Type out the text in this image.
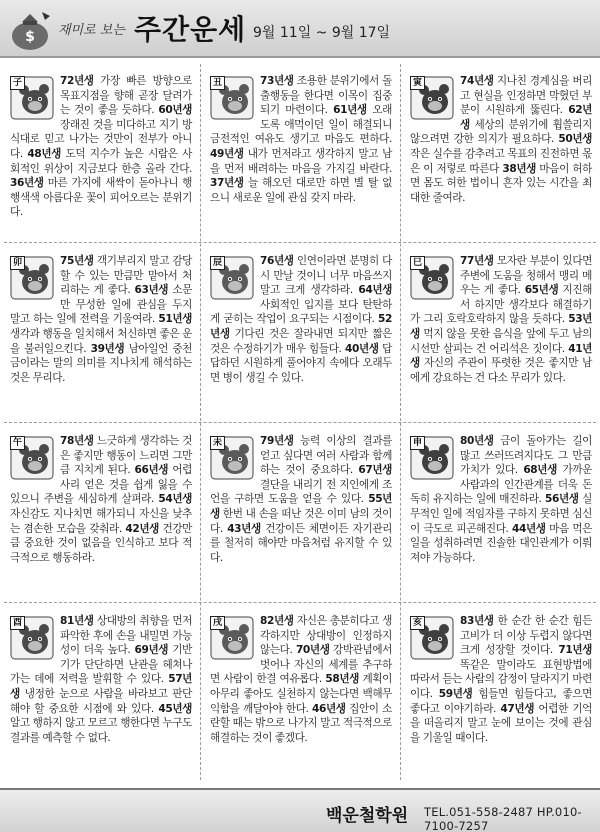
$ 재미로 보는 주간운세 9월 11일 ~ 9월 17일
子	72년생 가장 빠른 방향으로 목표지점을 향해 곧장 달려가는 것이 좋을 듯하다. 60년생 장래진 것을 미다하고 지기 방식대로 믿고 나가는 것만이 전부가 아니다. 48년생 도덕 지수가 높은 시람은 사회적인 위상이 지금보다 한층 올라 간다. 36년생 마른 가지에 새싹이 돋아나니 행행색색 아름다운 꽃이 피어오르는 분위기다.
丑	73년생 조용한 분위기에서 돌출행동을 한다면 이목이 집중되기 마련이다. 61년생 오래도록 애먹이던 일이 해결되니 금전적인 여유도 생기고 마음도 편하다. 49년생 내가 먼저라고 생각하지 말고 남을 먼저 배려하는 마음을 가지길 바란다. 37년생 늘 해오던 대로만 하면 별 탈 없으니 새로운 일에 관심 갖지 마라.
寅	74년생 지나친 경계심을 버리고 현실을 인정하면 막혔던 부분이 시원하게 뚫린다. 62년생 세상의 분위기에 휩쓸리지 않으려면 강한 의지가 필요하다. 50년생 작은 실수를 감추려고 목표의 진전하면 몫은 이 저렇로 따른다 38년생 마음이 허하면 몸도 허한 법이니 흔자 있는 시간을 최대한 줄여라.
卯	75년생 객기부리지 말고 감당할 수 있는 만큼만 맡아서 처리하는 게 좋다. 63년생 소문만 무성한 일에 관심을 두지 말고 하는 일에 전력을 기울여라. 51년생 생각과 행동을 일치해서 처신하면 좋은 운을 불러일으킨다. 39년생 남아일언 중천금이라는 말의 의미를 지나치게 해석하는 것은 무리다.
辰	76년생 인연이라면 분명히 다시 만날 것이니 너무 마음쓰지 말고 크게 생각하라. 64년생 사회적인 입지를 보다 탄탄하게 굳히는 작업이 요구되는 시점이다. 52년생 기다린 것은 잘라내면 되지만 짧은 것은 수정하기가 매우 힘들다. 40년생 답답하던 시원하게 풀어야지 속에다 오래두면 병이 생길 수 있다.
巳	77년생 모자란 부분이 있다면 주변에 도움을 청해서 맹리 메우는 게 좋다. 65년생 지진해서 하지만 생각보다 해결하기가 그리 호락호락하지 않을 듯하다. 53년생 먹지 않을 못한 음식을 앞에 두고 남의 시선만 살피는 건 어리석은 짓이다. 41년생 자신의 주관이 뚜렷한 것은 좋지만 남에게 강요하는 건 다소 무리가 있다.
午	78년생 느긋하게 생각하는 것은 좋지만 행동이 느리면 그만큼 지치게 된다. 66년생 어렵사리 얻은 것을 쉽게 잃을 수 있으니 주변을 세심하게 살펴라. 54년생 자신감도 지나치면 해가되니 자신을 낮추는 겸손한 모습을 갖춰라. 42년생 건강만큼 중요한 것이 없음을 인식하고 보다 적극적으로 행동하라.
未	79년생 능력 이상의 결과를 얻고 싶다면 여러 사람과 함께 하는 것이 중요하다. 67년생 결단을 내리기 전 지인에게 조언을 구하면 도움을 얻을 수 있다. 55년생 한번 내 손을 떠난 것은 이미 남의 것이다. 43년생 건강이든 체면이든 자기관리를 철저히 해야만 마음처럼 유지할 수 있다.
申	80년생 금이 돌아가는 길이 많고 쓰러뜨려지다도 그 만큼 가치가 있다. 68년생 가까운 사람과의 인간관계를 더욱 돈독히 유지하는 일에 매진하라. 56년생 실무적인 일에 적임자를 구하지 못하면 심신이 극도로 피곤해진다. 44년생 마음 먹은 일을 성취하려면 진솔한 대인관계가 이뤄져야 가능하다.
酉	81년생 상대방의 취향을 먼저 파악한 후에 손을 내밀면 가능성이 더욱 높다. 69년생 기반기가 단단하면 난관을 헤쳐나가는 데에 저력을 발휘할 수 있다. 57년생 냉정한 눈으로 사람을 바라보고 판단해야 할 중요한 시점에 와 있다. 45년생 알고 행하지 않고 모르고 행한다면 누구도 결과를 예측할 수 없다.
戌	82년생 자신은 총분히다고 생각하지만 상대방이 인정하지 않는다. 70년생 강박관념에서 벗어나 자신의 세계를 추구하면 사람이 한결 여유롭다. 58년생 계획이 아무리 좋아도 실천하지 않는다면 백해무익함을 깨달아야 한다. 46년생 집안이 소란할 때는 밖으로 나가지 말고 적극적으로 해결하는 것이 좋겠다.
亥	83년생 한 순간 한 순간 힘든 고비가 더 이상 두렵지 않다면 크게 성장할 것이다. 71년생 똑같은 말이라도 표현방법에 따라서 듣는 사람의 감정이 달라지기 마련이다. 59년생 힘들면 힘들다고, 좋으면 좋다고 이야기하라. 47년생 어렵한 기억을 떠올리지 말고 눈에 보이는 것에 관심을 기울일 때이다.
백운철학원 TEL.051-558-2487 HP.010-7100-7257
